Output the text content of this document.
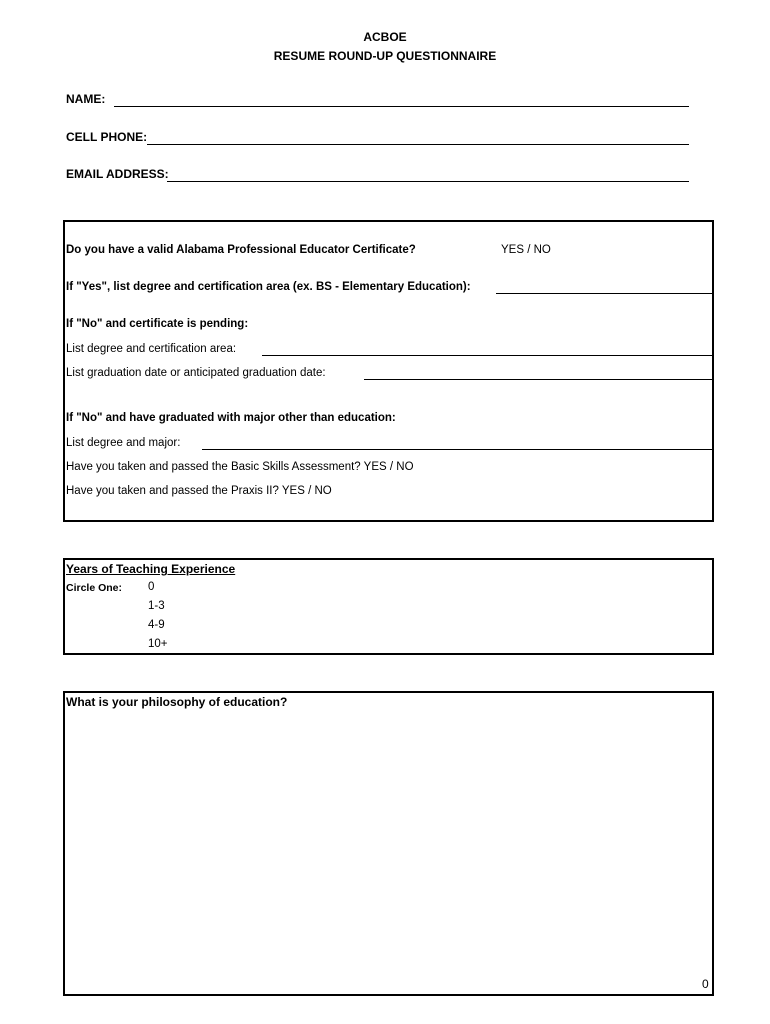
ACBOE
RESUME ROUND-UP QUESTIONNAIRE
NAME:
CELL PHONE:
EMAIL ADDRESS:
Do you have a valid Alabama Professional Educator Certificate?	YES / NO
If "Yes", list degree and certification area (ex. BS - Elementary Education):
If "No" and certificate is pending:
List degree and certification area:
List graduation date or anticipated graduation date:
If "No" and have graduated with major other than education:
List degree and major:
Have you taken and passed the Basic Skills Assessment? YES / NO
Have you taken and passed the Praxis II? YES / NO
Years of Teaching Experience
Circle One: 0
1-3
4-9
10+
What is your philosophy of education?
0
